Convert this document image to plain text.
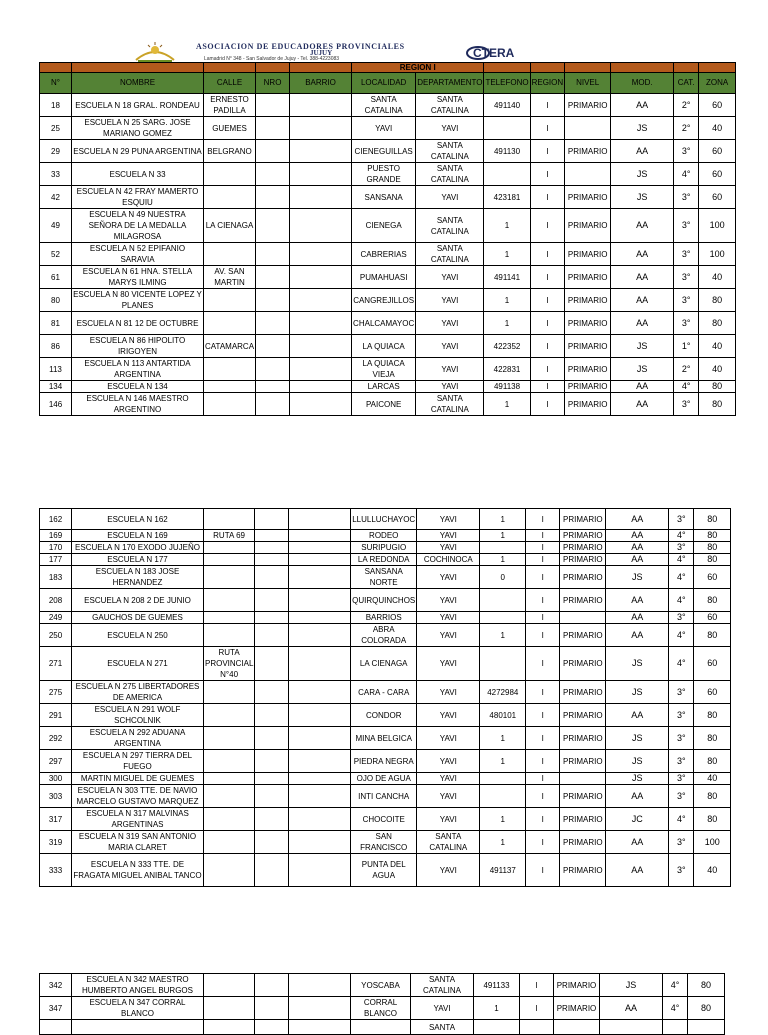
ASOCIACION DE EDUCADORES PROVINCIALES
JUJUY
Lamadrid N° 348 - San Salvador de Jujuy - Tel. 388-4223083	CTERA
					REGION I							
N°	NOMBRE	CALLE	NRO	BARRIO	LOCALIDAD	DEPARTAMENTO	TELEFONO	REGION	NIVEL	MOD.	CAT.	ZONA
18	ESCUELA N 18 GRAL. RONDEAU	ERNESTO PADILLA			SANTA CATALINA	SANTA CATALINA	491140	I	PRIMARIO	AA	2°	60
25	ESCUELA N 25 SARG. JOSE MARIANO GOMEZ	GUEMES			YAVI	YAVI		I		JS	2°	40
29	ESCUELA N 29 PUNA ARGENTINA	BELGRANO			CIENEGUILLAS	SANTA CATALINA	491130	I	PRIMARIO	AA	3°	60
33	ESCUELA N 33				PUESTO GRANDE	SANTA CATALINA		I		JS	4°	60
42	ESCUELA N 42 FRAY MAMERTO ESQUIU				SANSANA	YAVI	423181	I	PRIMARIO	JS	3°	60
49	ESCUELA N 49 NUESTRA SEÑORA DE LA MEDALLA MILAGROSA	LA CIENAGA			CIENEGA	SANTA CATALINA	1	I	PRIMARIO	AA	3°	100
52	ESCUELA N 52 EPIFANIO SARAVIA				CABRERIAS	SANTA CATALINA	1	I	PRIMARIO	AA	3°	100
61	ESCUELA N 61 HNA. STELLA MARYS ILMING	AV. SAN MARTIN			PUMAHUASI	YAVI	491141	I	PRIMARIO	AA	3°	40
80	ESCUELA N 80 VICENTE LOPEZ Y PLANES				CANGREJILLOS	YAVI	1	I	PRIMARIO	AA	3°	80
81	ESCUELA N 81 12 DE OCTUBRE				CHALCAMAYOC	YAVI	1	I	PRIMARIO	AA	3°	80
86	ESCUELA N 86 HIPOLITO IRIGOYEN	CATAMARCA			LA QUIACA	YAVI	422352	I	PRIMARIO	JS	1°	40
113	ESCUELA N 113 ANTARTIDA ARGENTINA				LA QUIACA VIEJA	YAVI	422831	I	PRIMARIO	JS	2°	40
134	ESCUELA N 134				LARCAS	YAVI	491138	I	PRIMARIO	AA	4°	80
146	ESCUELA N 146 MAESTRO ARGENTINO				PAICONE	SANTA CATALINA	1	I	PRIMARIO	AA	3°	80
162	ESCUELA N 162				LLULLUCHAYOC	YAVI	1	I	PRIMARIO	AA	3°	80
169	ESCUELA N 169	RUTA 69			RODEO	YAVI	1	I	PRIMARIO	AA	4°	80
170	ESCUELA N 170 EXODO JUJEÑO				SURIPUGIO	YAVI		I	PRIMARIO	AA	3°	80
177	ESCUELA N 177				LA REDONDA	COCHINOCA	1	I	PRIMARIO	AA	4°	80
183	ESCUELA N 183 JOSE HERNANDEZ				SANSANA NORTE	YAVI	0	I	PRIMARIO	JS	4°	60
208	ESCUELA N 208 2 DE JUNIO				QUIRQUINCHOS	YAVI		I	PRIMARIO	AA	4°	80
249	GAUCHOS DE GUEMES				BARRIOS	YAVI		I		AA	3°	60
250	ESCUELA N 250				ABRA COLORADA	YAVI	1	I	PRIMARIO	AA	4°	80
271	ESCUELA N 271	RUTA PROVINCIAL N°40			LA CIENAGA	YAVI		I	PRIMARIO	JS	4°	60
275	ESCUELA N 275 LIBERTADORES DE AMERICA				CARA - CARA	YAVI	4272984	I	PRIMARIO	JS	3°	60
291	ESCUELA N 291 WOLF SCHCOLNIK				CONDOR	YAVI	480101	I	PRIMARIO	AA	3°	80
292	ESCUELA N 292 ADUANA ARGENTINA				MINA BELGICA	YAVI	1	I	PRIMARIO	JS	3°	80
297	ESCUELA N 297 TIERRA DEL FUEGO				PIEDRA NEGRA	YAVI	1	I	PRIMARIO	JS	3°	80
300	MARTIN MIGUEL DE GUEMES				OJO DE AGUA	YAVI		I		JS	3°	40
303	ESCUELA N 303 TTE. DE NAVIO MARCELO GUSTAVO MARQUEZ				INTI CANCHA	YAVI		I	PRIMARIO	AA	3°	80
317	ESCUELA N 317 MALVINAS ARGENTINAS				CHOCOITE	YAVI	1	I	PRIMARIO	JC	4°	80
319	ESCUELA N 319 SAN ANTONIO MARIA CLARET				SAN FRANCISCO	SANTA CATALINA	1	I	PRIMARIO	AA	3°	100
333	ESCUELA N 333 TTE. DE FRAGATA MIGUEL ANIBAL TANCO				PUNTA DEL AGUA	YAVI	491137	I	PRIMARIO	AA	3°	40
342	ESCUELA N 342 MAESTRO HUMBERTO ANGEL BURGOS				YOSCABA	SANTA CATALINA	491133	I	PRIMARIO	JS	4°	80
347	ESCUELA N 347 CORRAL BLANCO				CORRAL BLANCO	YAVI	1	I	PRIMARIO	AA	4°	80
						SANTA						
